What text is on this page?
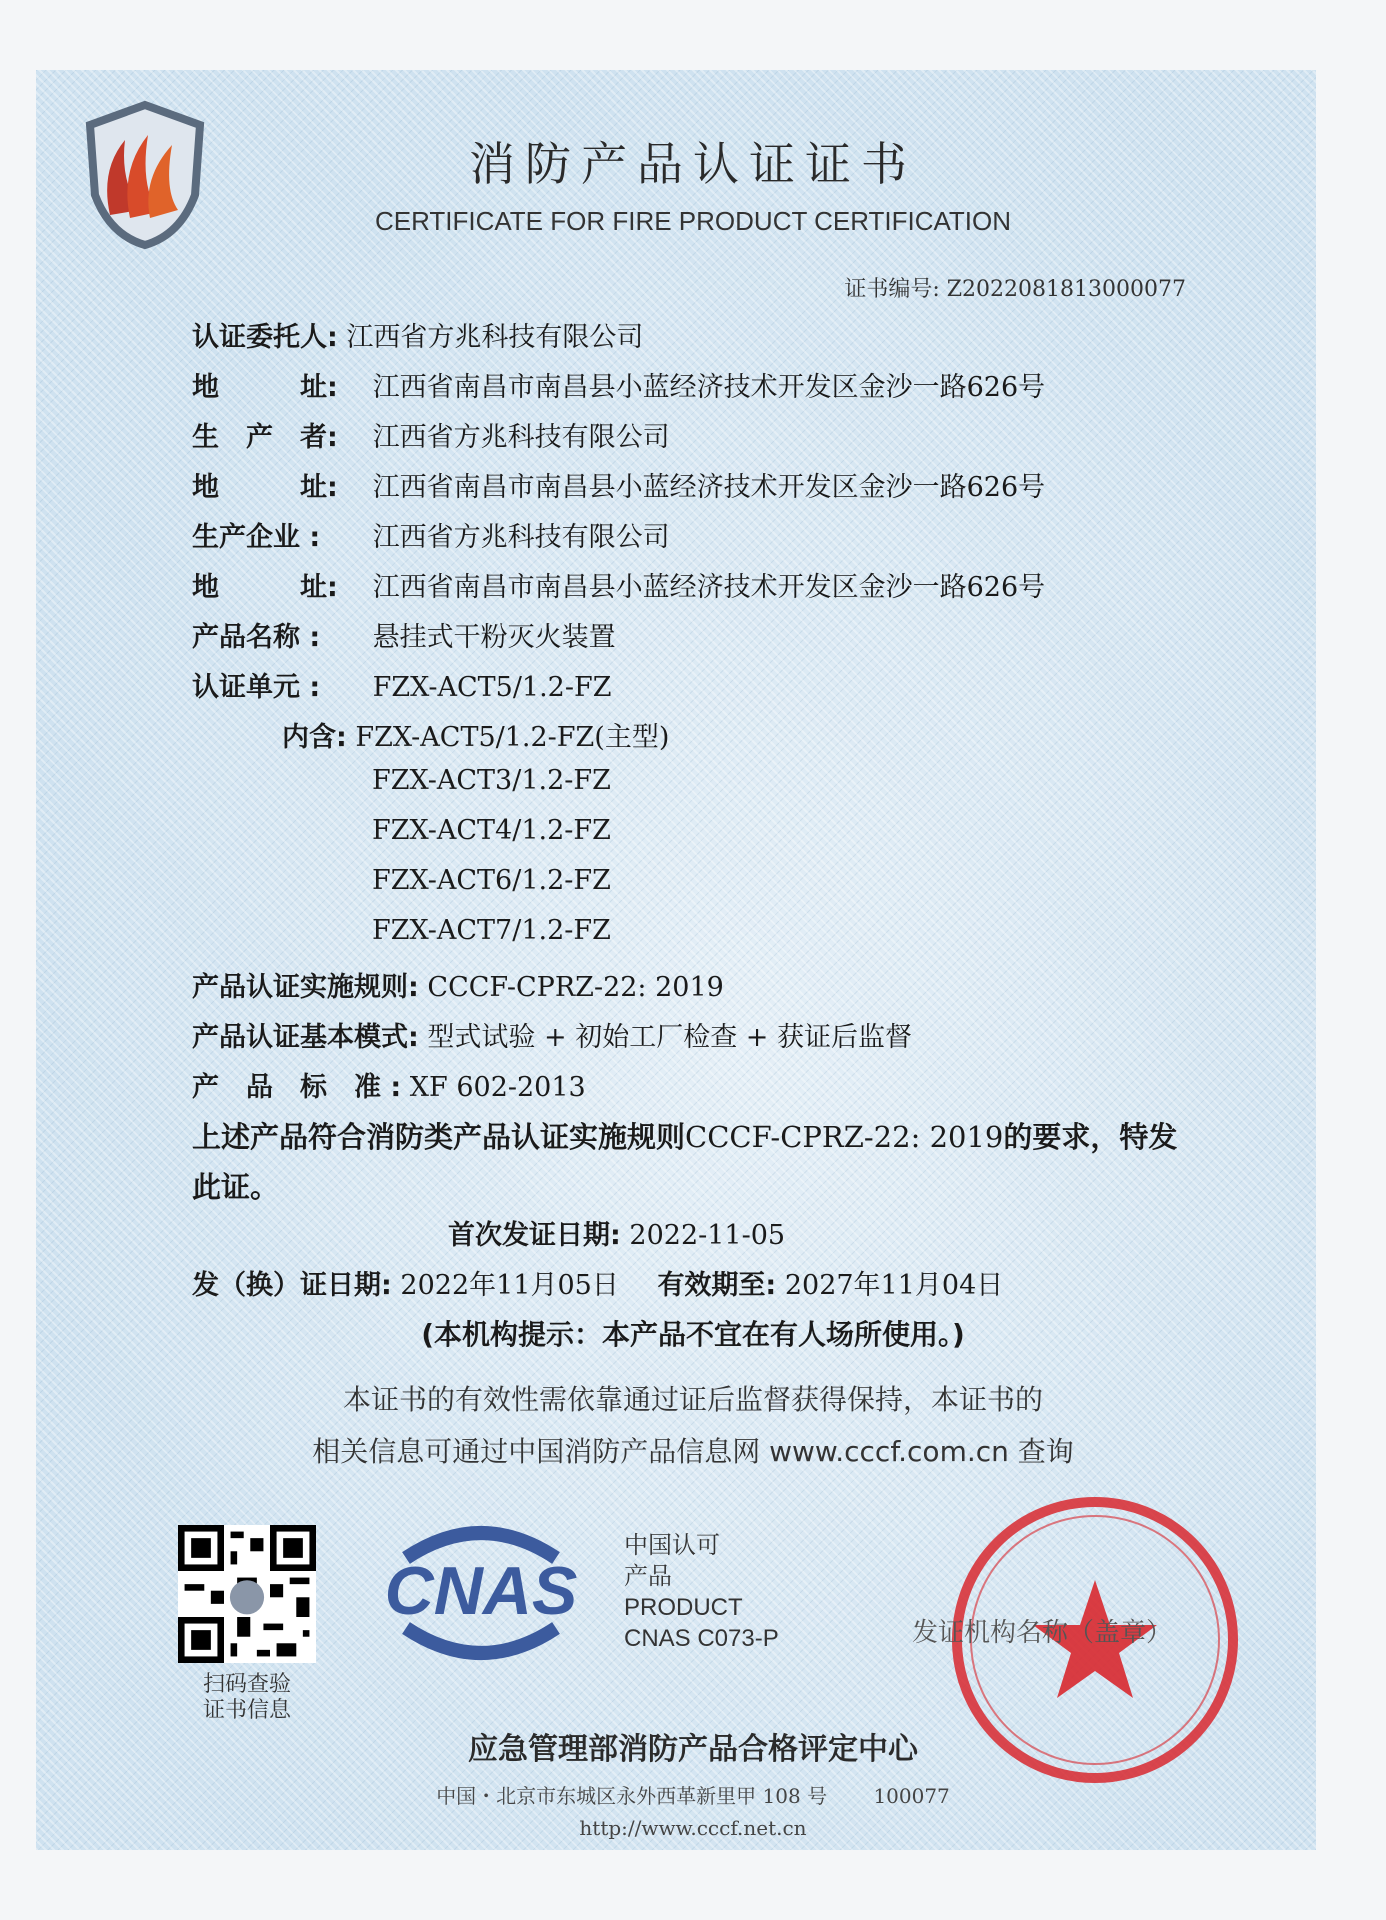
消防产品认证证书
CERTIFICATE FOR FIRE PRODUCT CERTIFICATION
证书编号: Z2022081813000077
认证委托人: 江西省方兆科技有限公司
地　　　址: 江西省南昌市南昌县小蓝经济技术开发区金沙一路626号
生　产　者: 江西省方兆科技有限公司
地　　　址: 江西省南昌市南昌县小蓝经济技术开发区金沙一路626号
生产企业 : 江西省方兆科技有限公司
地　　　址: 江西省南昌市南昌县小蓝经济技术开发区金沙一路626号
产品名称 : 悬挂式干粉灭火装置
认证单元 : FZX-ACT5/1.2-FZ
内含: FZX-ACT5/1.2-FZ(主型)
FZX-ACT3/1.2-FZ
FZX-ACT4/1.2-FZ
FZX-ACT6/1.2-FZ
FZX-ACT7/1.2-FZ
产品认证实施规则: CCCF-CPRZ-22: 2019
产品认证基本模式: 型式试验 + 初始工厂检查 + 获证后监督
产　品　标　准 : XF 602-2013
上述产品符合消防类产品认证实施规则CCCF-CPRZ-22: 2019的要求，特发
此证。
首次发证日期: 2022-11-05
发（换）证日期: 2022年11月05日 有效期至: 2027年11月04日
(本机构提示：本产品不宜在有人场所使用。)
本证书的有效性需依靠通过证后监督获得保持，本证书的
相关信息可通过中国消防产品信息网 www.cccf.com.cn 查询
扫码查验
证书信息
CNAS
中国认可
产品
PRODUCT
CNAS C073-P	发证机构名称（盖章）
应急管理部消防产品合格评定中心
中国・北京市东城区永外西革新里甲 108 号 100077
http://www.cccf.net.cn
